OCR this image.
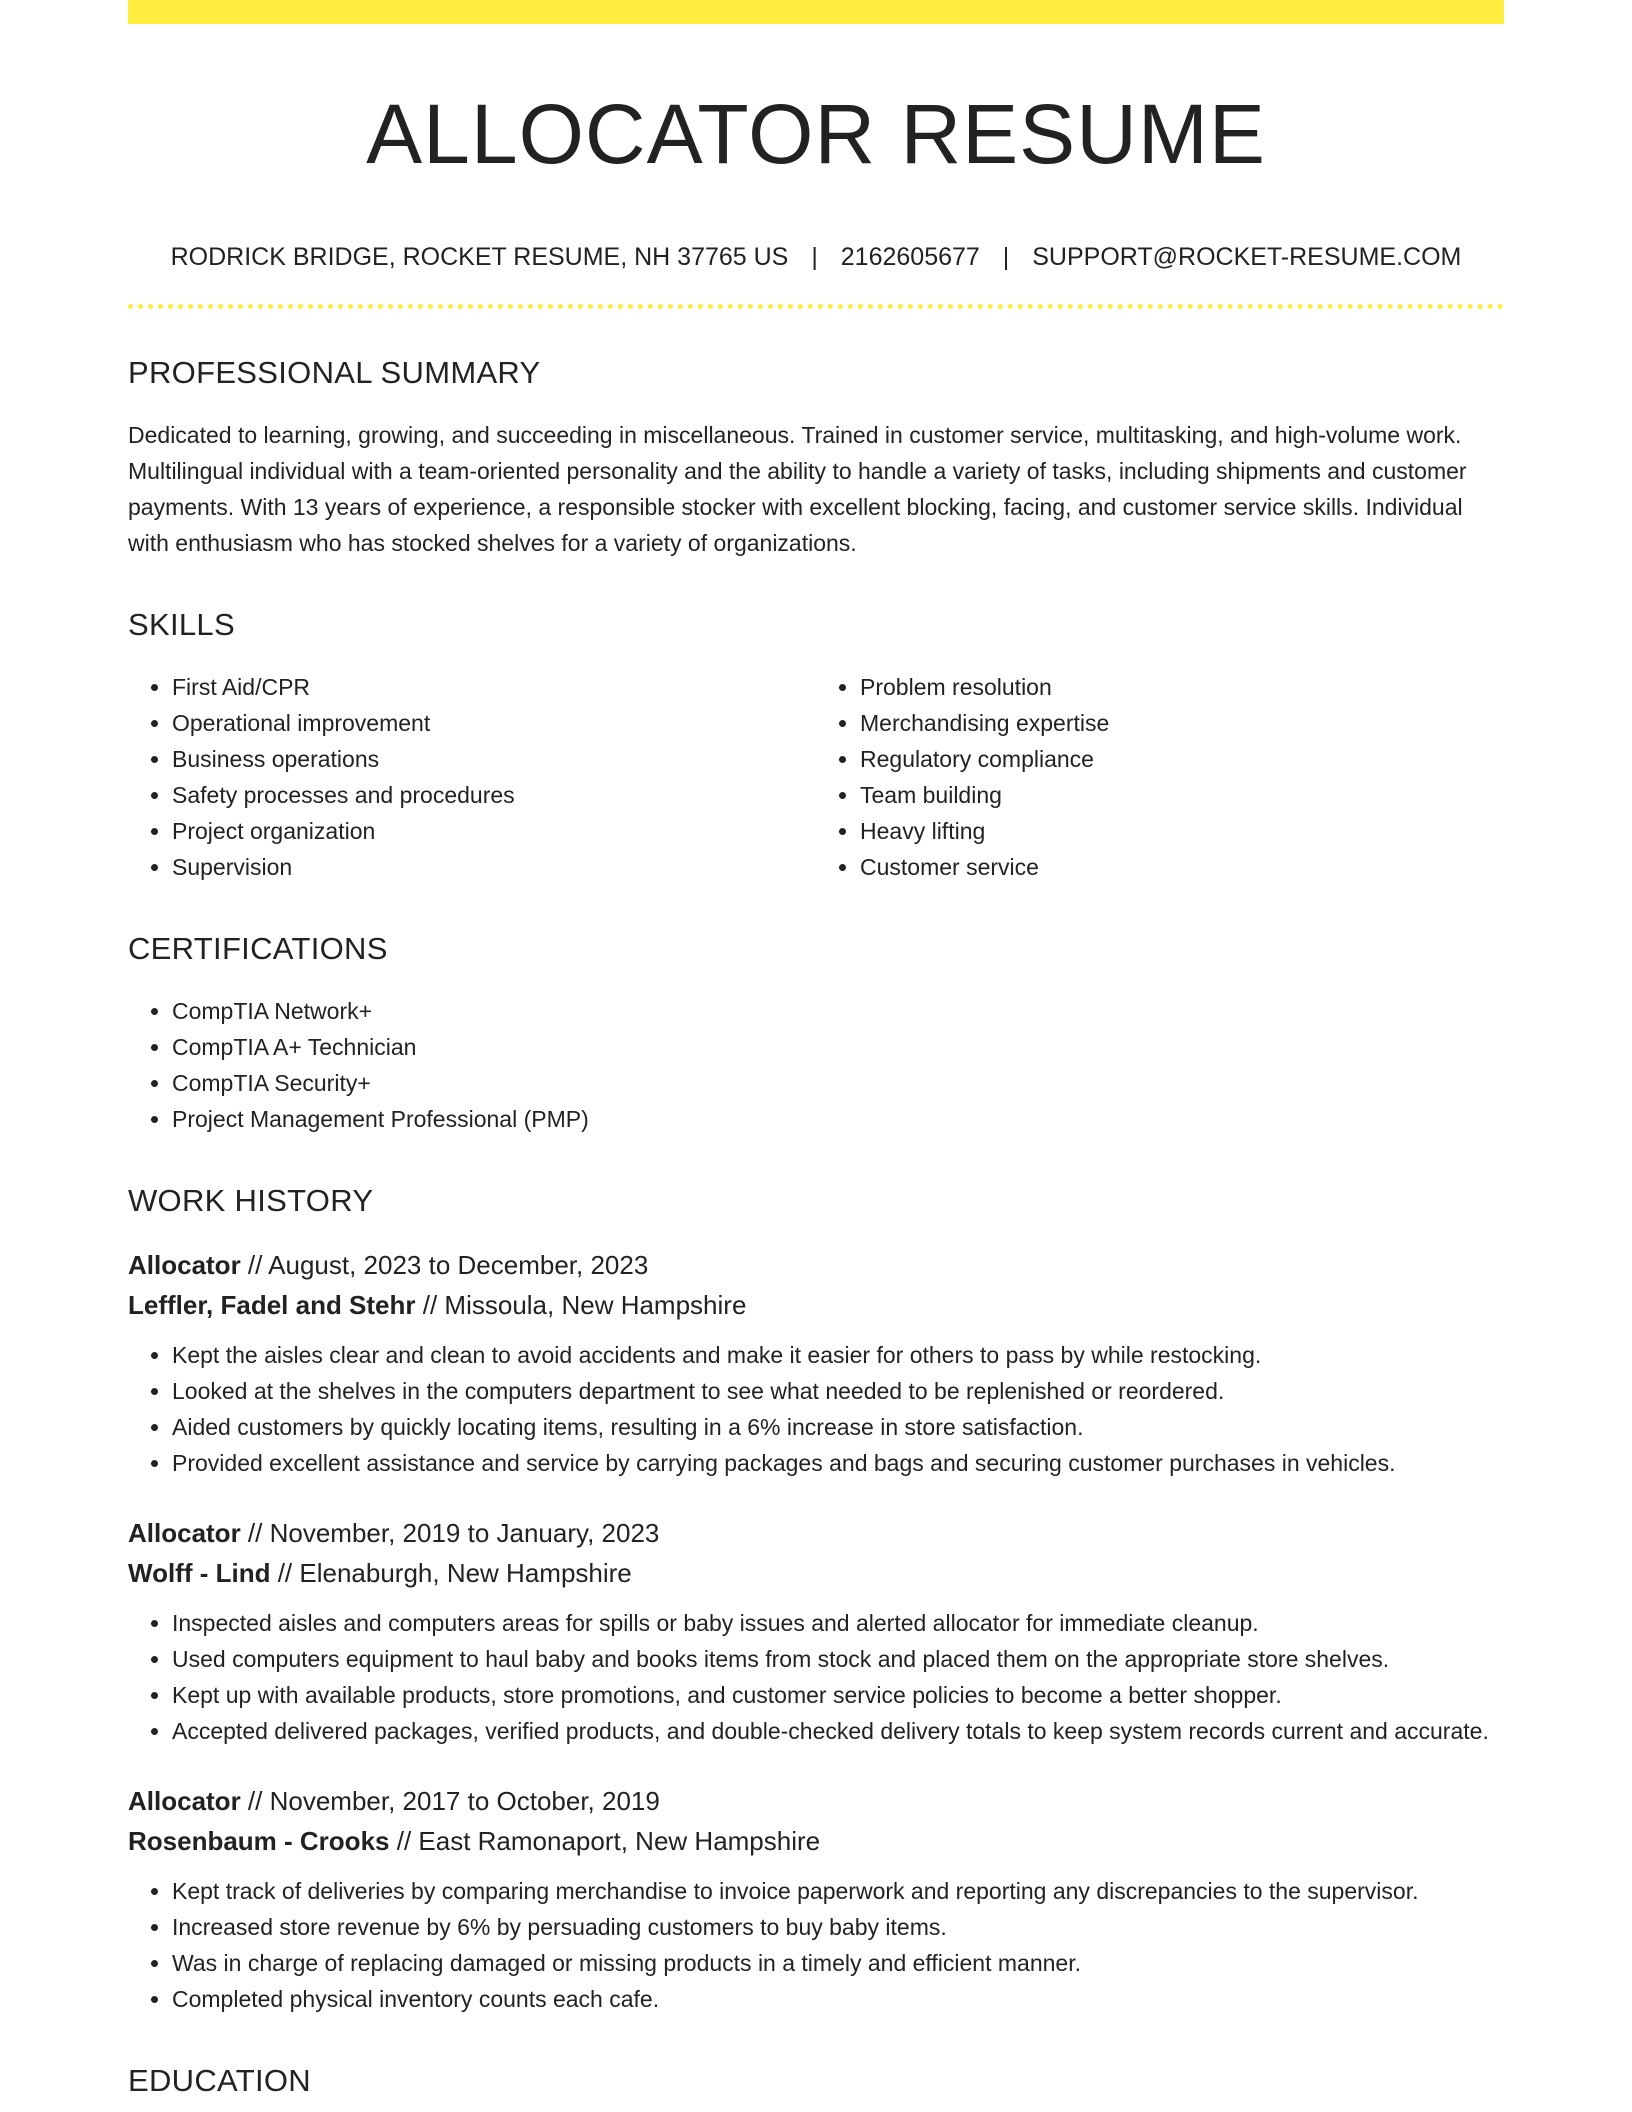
ALLOCATOR RESUME
RODRICK BRIDGE, ROCKET RESUME, NH 37765 US | 2162605677 | SUPPORT@ROCKET-RESUME.COM
PROFESSIONAL SUMMARY

Dedicated to learning, growing, and succeeding in miscellaneous. Trained in customer service, multitasking, and high-volume work. Multilingual individual with a team-oriented personality and the ability to handle a variety of tasks, including shipments and customer payments. With 13 years of experience, a responsible stocker with excellent blocking, facing, and customer service skills. Individual with enthusiasm who has stocked shelves for a variety of organizations.

SKILLS
• First Aid/CPR
• Operational improvement
• Business operations
• Safety processes and procedures
• Project organization
• Supervision
• Problem resolution
• Merchandising expertise
• Regulatory compliance
• Team building
• Heavy lifting
• Customer service
CERTIFICATIONS
• CompTIA Network+
• CompTIA A+ Technician
• CompTIA Security+
• Project Management Professional (PMP)
WORK HISTORY
Allocator // August, 2023 to December, 2023
Leffler, Fadel and Stehr // Missoula, New Hampshire
• Kept the aisles clear and clean to avoid accidents and make it easier for others to pass by while restocking.
• Looked at the shelves in the computers department to see what needed to be replenished or reordered.
• Aided customers by quickly locating items, resulting in a 6% increase in store satisfaction.
• Provided excellent assistance and service by carrying packages and bags and securing customer purchases in vehicles.
Allocator // November, 2019 to January, 2023
Wolff - Lind // Elenaburgh, New Hampshire
• Inspected aisles and computers areas for spills or baby issues and alerted allocator for immediate cleanup.
• Used computers equipment to haul baby and books items from stock and placed them on the appropriate store shelves.
• Kept up with available products, store promotions, and customer service policies to become a better shopper.
• Accepted delivered packages, verified products, and double-checked delivery totals to keep system records current and accurate.
Allocator // November, 2017 to October, 2019
Rosenbaum - Crooks // East Ramonaport, New Hampshire
• Kept track of deliveries by comparing merchandise to invoice paperwork and reporting any discrepancies to the supervisor.
• Increased store revenue by 6% by persuading customers to buy baby items.
• Was in charge of replacing damaged or missing products in a timely and efficient manner.
• Completed physical inventory counts each cafe.
EDUCATION
